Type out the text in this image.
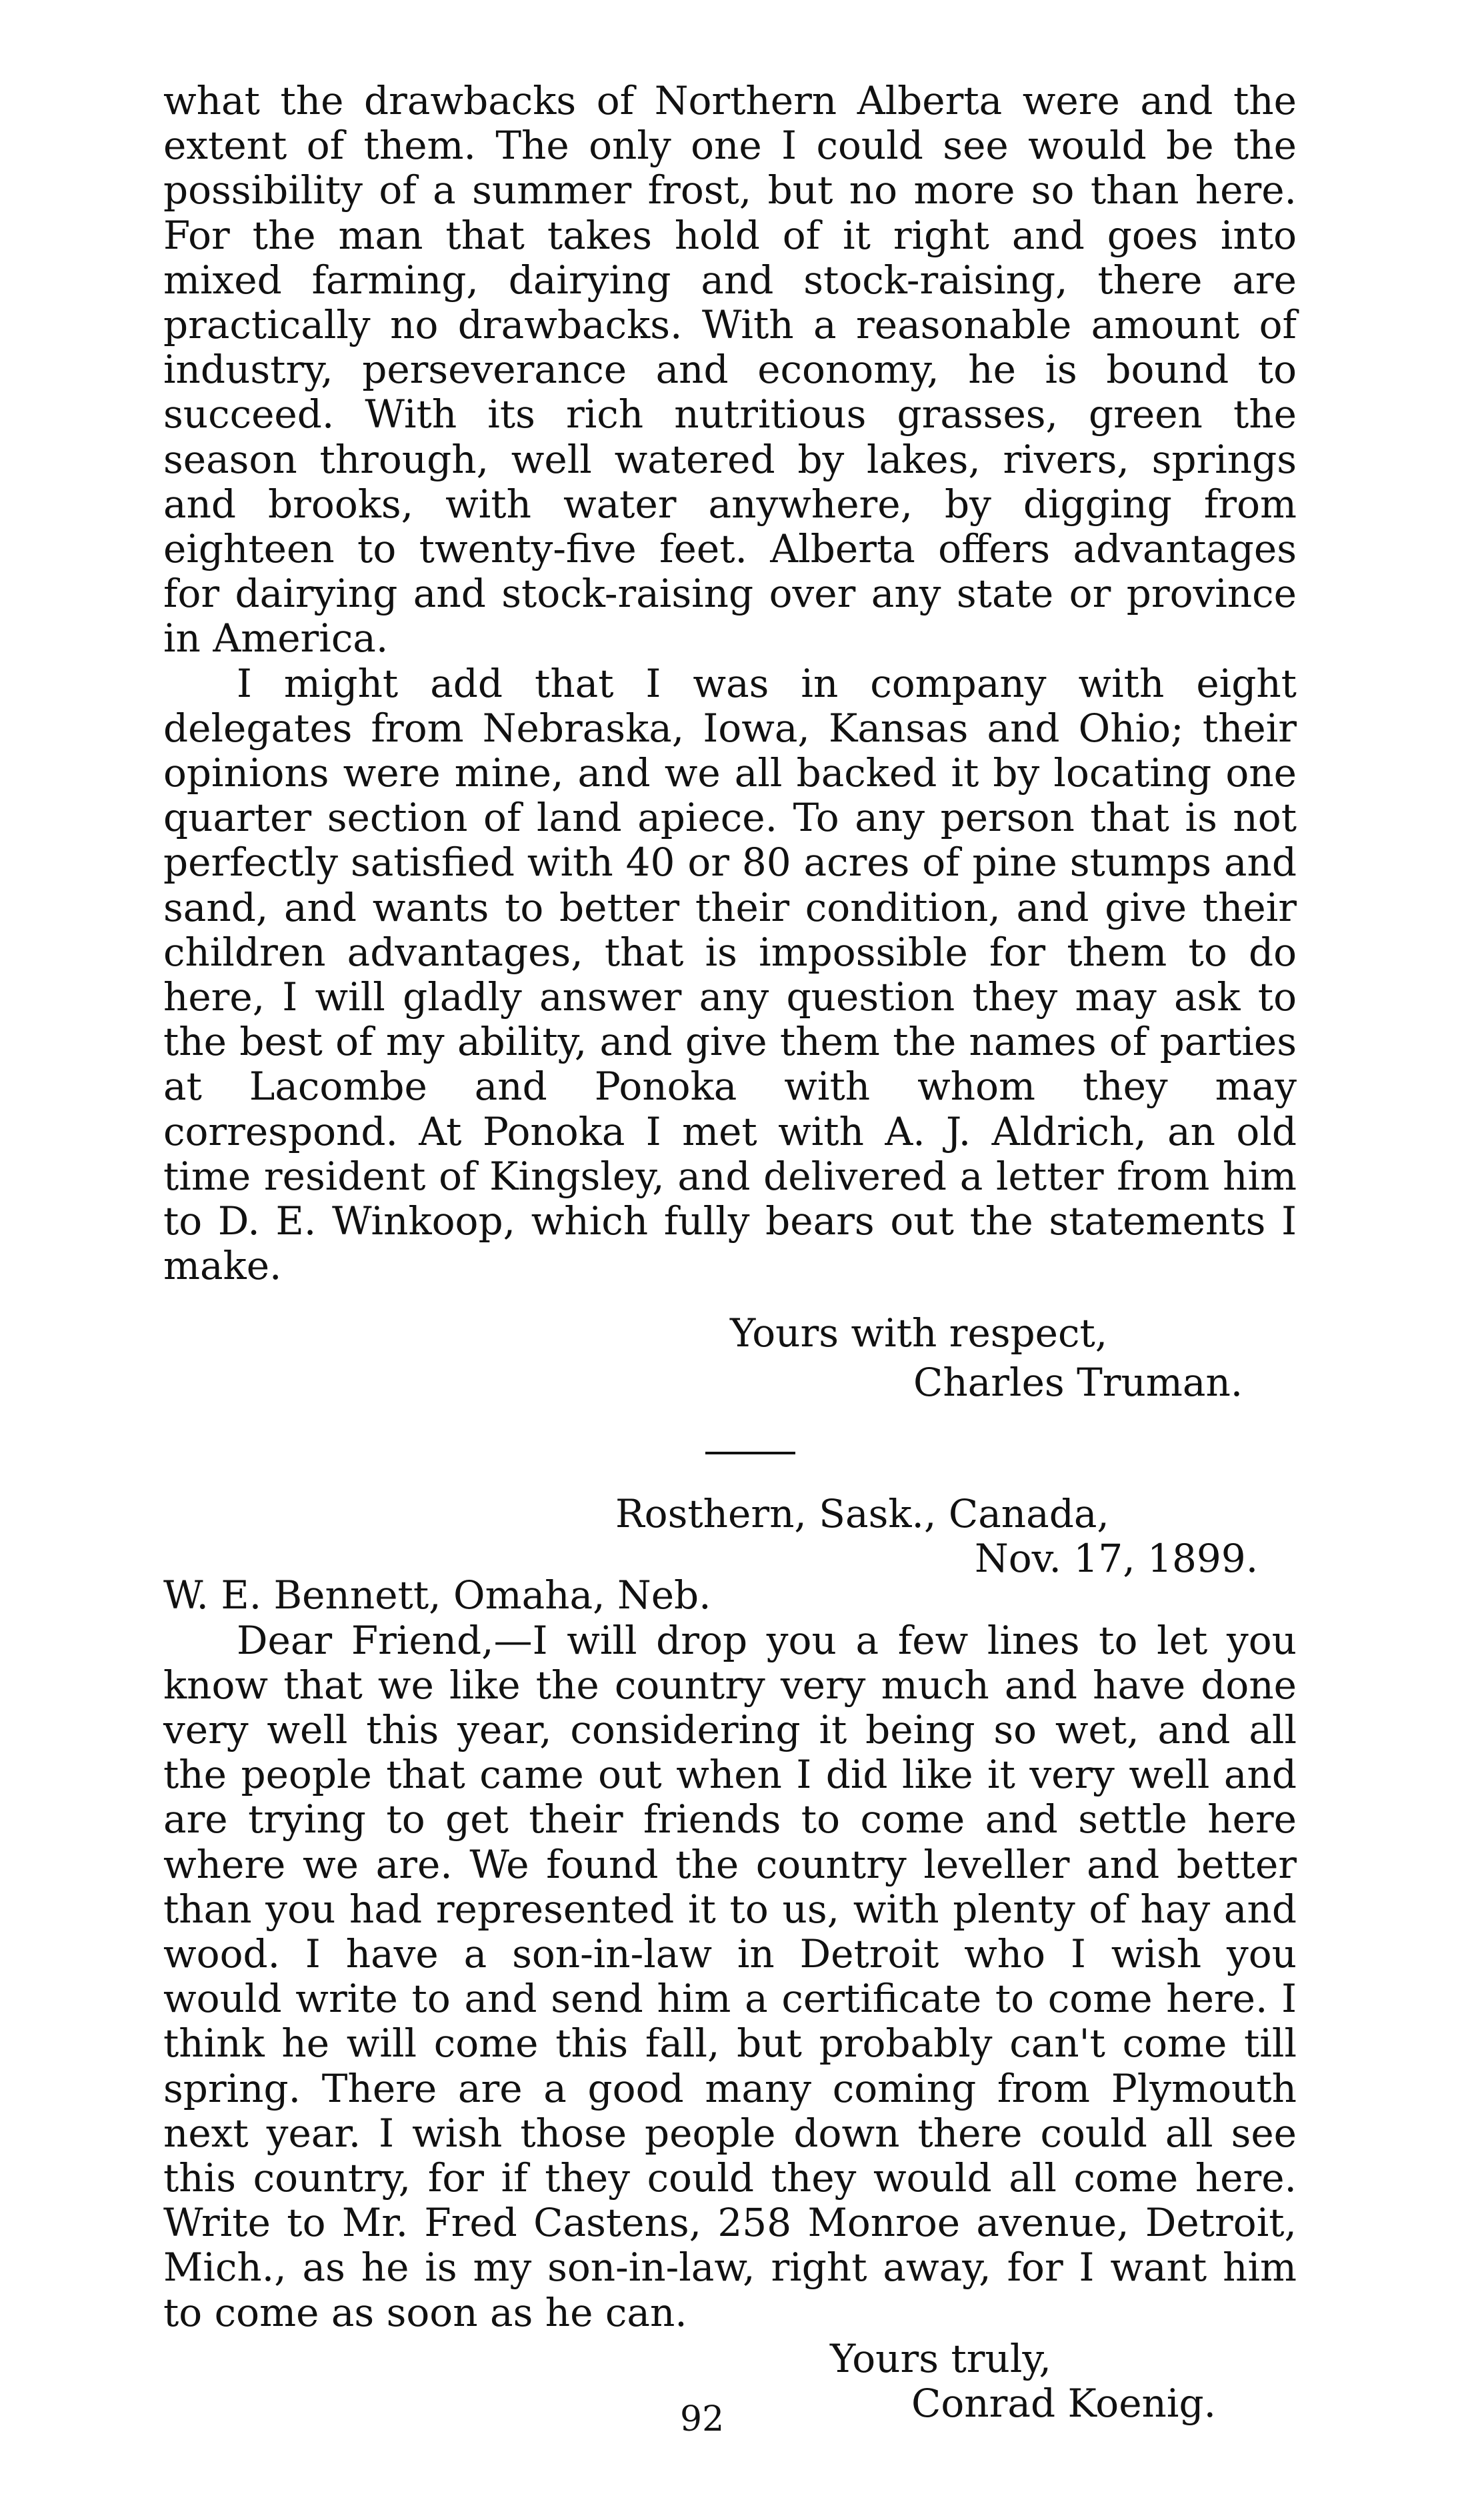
what the drawbacks of Northern Alberta were and the extent of them. The only one I could see would be the possibility of a summer frost, but no more so than here. For the man that takes hold of it right and goes into mixed farming, dairying and stock-raising, there are practically no drawbacks. With a reasonable amount of industry, perseverance and economy, he is bound to succeed. With its rich nutritious grasses, green the season through, well watered by lakes, rivers, springs and brooks, with water anywhere, by digging from eighteen to twenty-five feet. Alberta offers advantages for dairying and stock-raising over any state or province in America.

I might add that I was in company with eight delegates from Nebraska, Iowa, Kansas and Ohio; their opinions were mine, and we all backed it by locating one quarter section of land apiece. To any person that is not perfectly satisfied with 40 or 80 acres of pine stumps and sand, and wants to better their condition, and give their children advantages, that is impossible for them to do here, I will gladly answer any question they may ask to the best of my ability, and give them the names of parties at Lacombe and Ponoka with whom they may correspond. At Ponoka I met with A. J. Aldrich, an old time resident of Kingsley, and delivered a letter from him to D. E. Winkoop, which fully bears out the statements I make.

Yours with respect,

Charles Truman.

Rosthern, Sask., Canada,

Nov. 17, 1899.

W. E. Bennett, Omaha, Neb.

Dear Friend,—I will drop you a few lines to let you know that we like the country very much and have done very well this year, considering it being so wet, and all the people that came out when I did like it very well and are trying to get their friends to come and settle here where we are. We found the country leveller and better than you had represented it to us, with plenty of hay and wood. I have a son-in-law in Detroit who I wish you would write to and send him a certificate to come here. I think he will come this fall, but probably can't come till spring. There are a good many coming from Plymouth next year. I wish those people down there could all see this country, for if they could they would all come here. Write to Mr. Fred Castens, 258 Monroe avenue, Detroit, Mich., as he is my son-in-law, right away, for I want him to come as soon as he can.

Yours truly,

Conrad Koenig.

92
